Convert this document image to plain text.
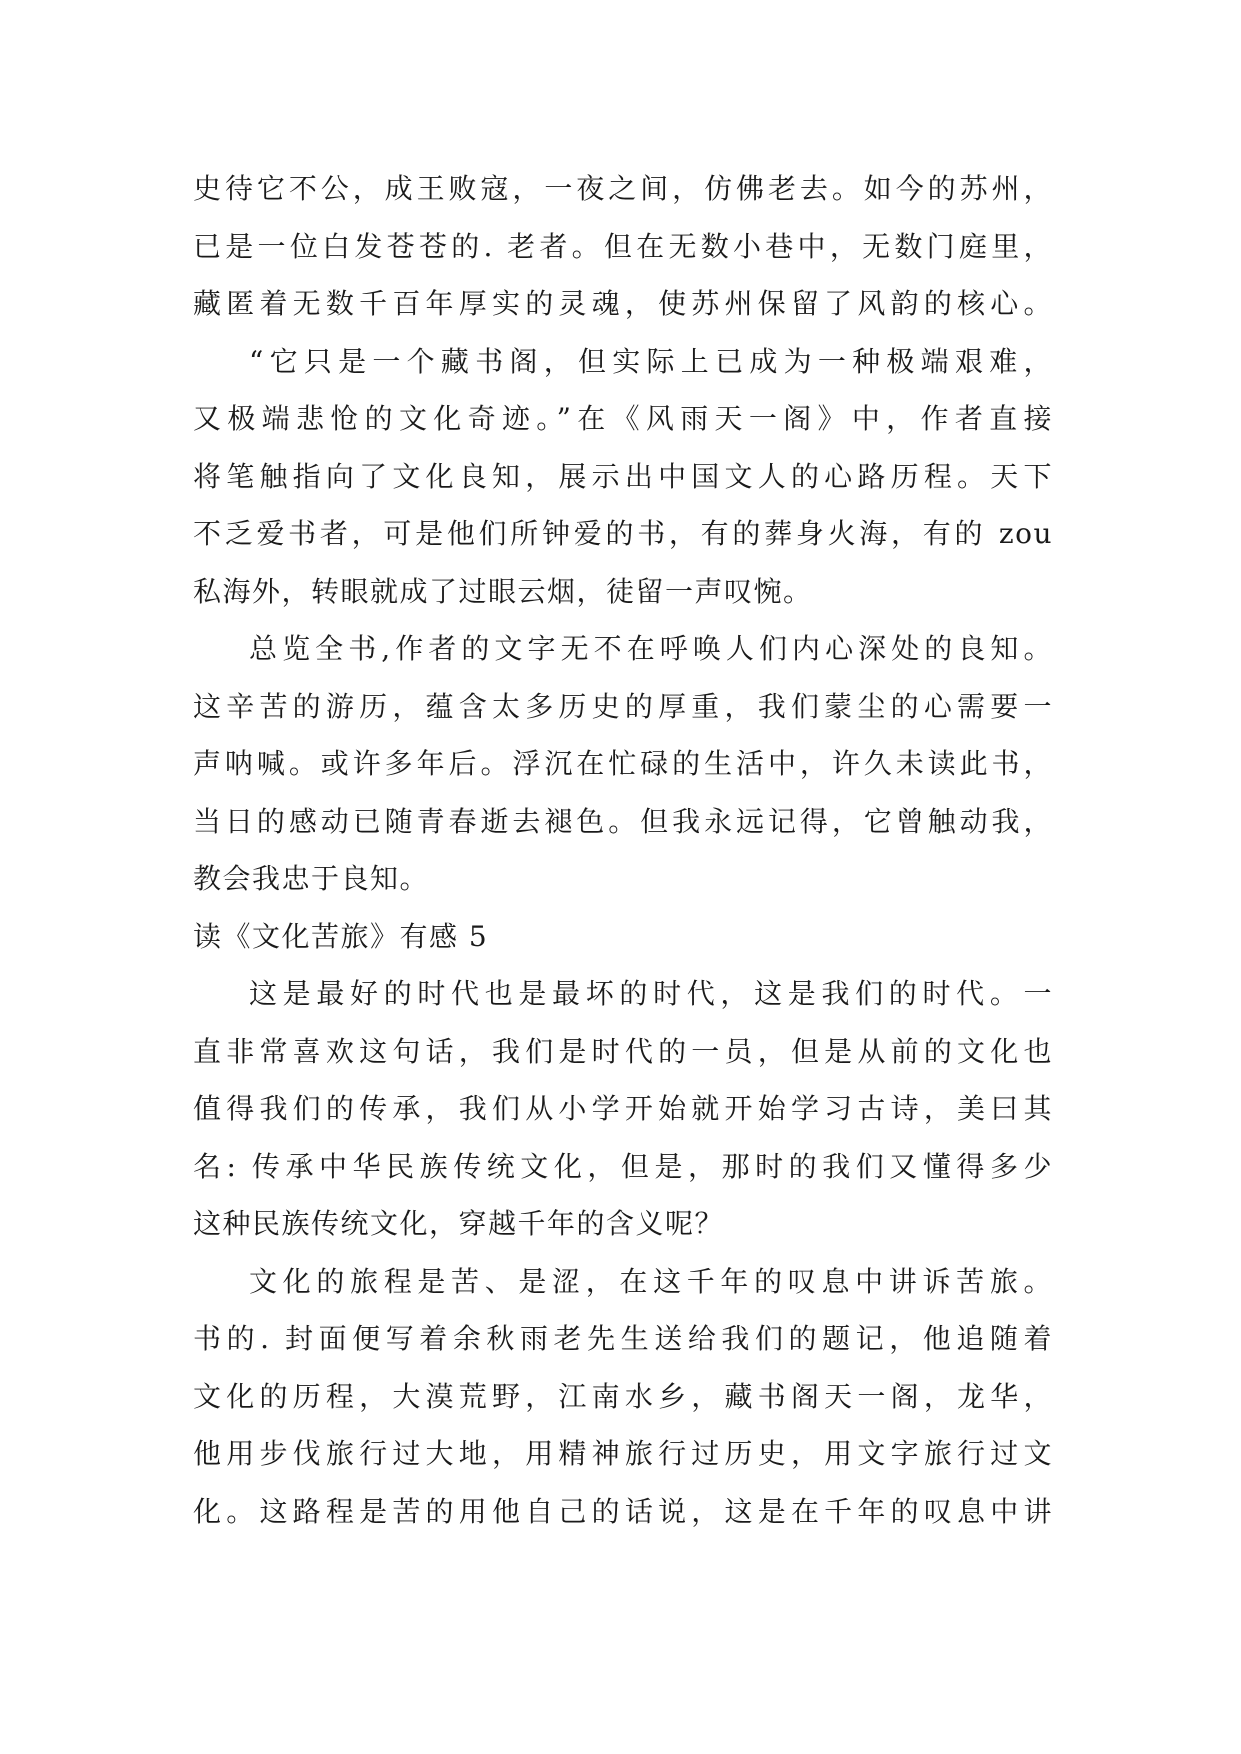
史待它不公，成王败寇，一夜之间，仿佛老去。如今的苏州，
已是一位白发苍苍的. 老者。但在无数小巷中，无数门庭里，
藏匿着无数千百年厚实的灵魂，使苏州保留了风韵的核心。
“它只是一个藏书阁，但实际上已成为一种极端艰难，
又极端悲怆的文化奇迹。”在《风雨天一阁》中，作者直接
将笔触指向了文化良知，展示出中国文人的心路历程。天下
不乏爱书者，可是他们所钟爱的书，有的葬身火海，有的 zou
私海外，转眼就成了过眼云烟，徒留一声叹惋。
总览全书,作者的文字无不在呼唤人们内心深处的良知。
这辛苦的游历，蕴含太多历史的厚重，我们蒙尘的心需要一
声呐喊。或许多年后。浮沉在忙碌的生活中，许久未读此书，
当日的感动已随青春逝去褪色。但我永远记得，它曾触动我，
教会我忠于良知。
读《文化苦旅》有感 5
这是最好的时代也是最坏的时代，这是我们的时代。一
直非常喜欢这句话，我们是时代的一员，但是从前的文化也
值得我们的传承，我们从小学开始就开始学习古诗，美曰其
名: 传承中华民族传统文化，但是，那时的我们又懂得多少
这种民族传统文化，穿越千年的含义呢？
文化的旅程是苦、是涩，在这千年的叹息中讲诉苦旅。
书的. 封面便写着余秋雨老先生送给我们的题记，他追随着
文化的历程，大漠荒野，江南水乡，藏书阁天一阁，龙华，
他用步伐旅行过大地，用精神旅行过历史，用文字旅行过文
化。这路程是苦的用他自己的话说，这是在千年的叹息中讲
